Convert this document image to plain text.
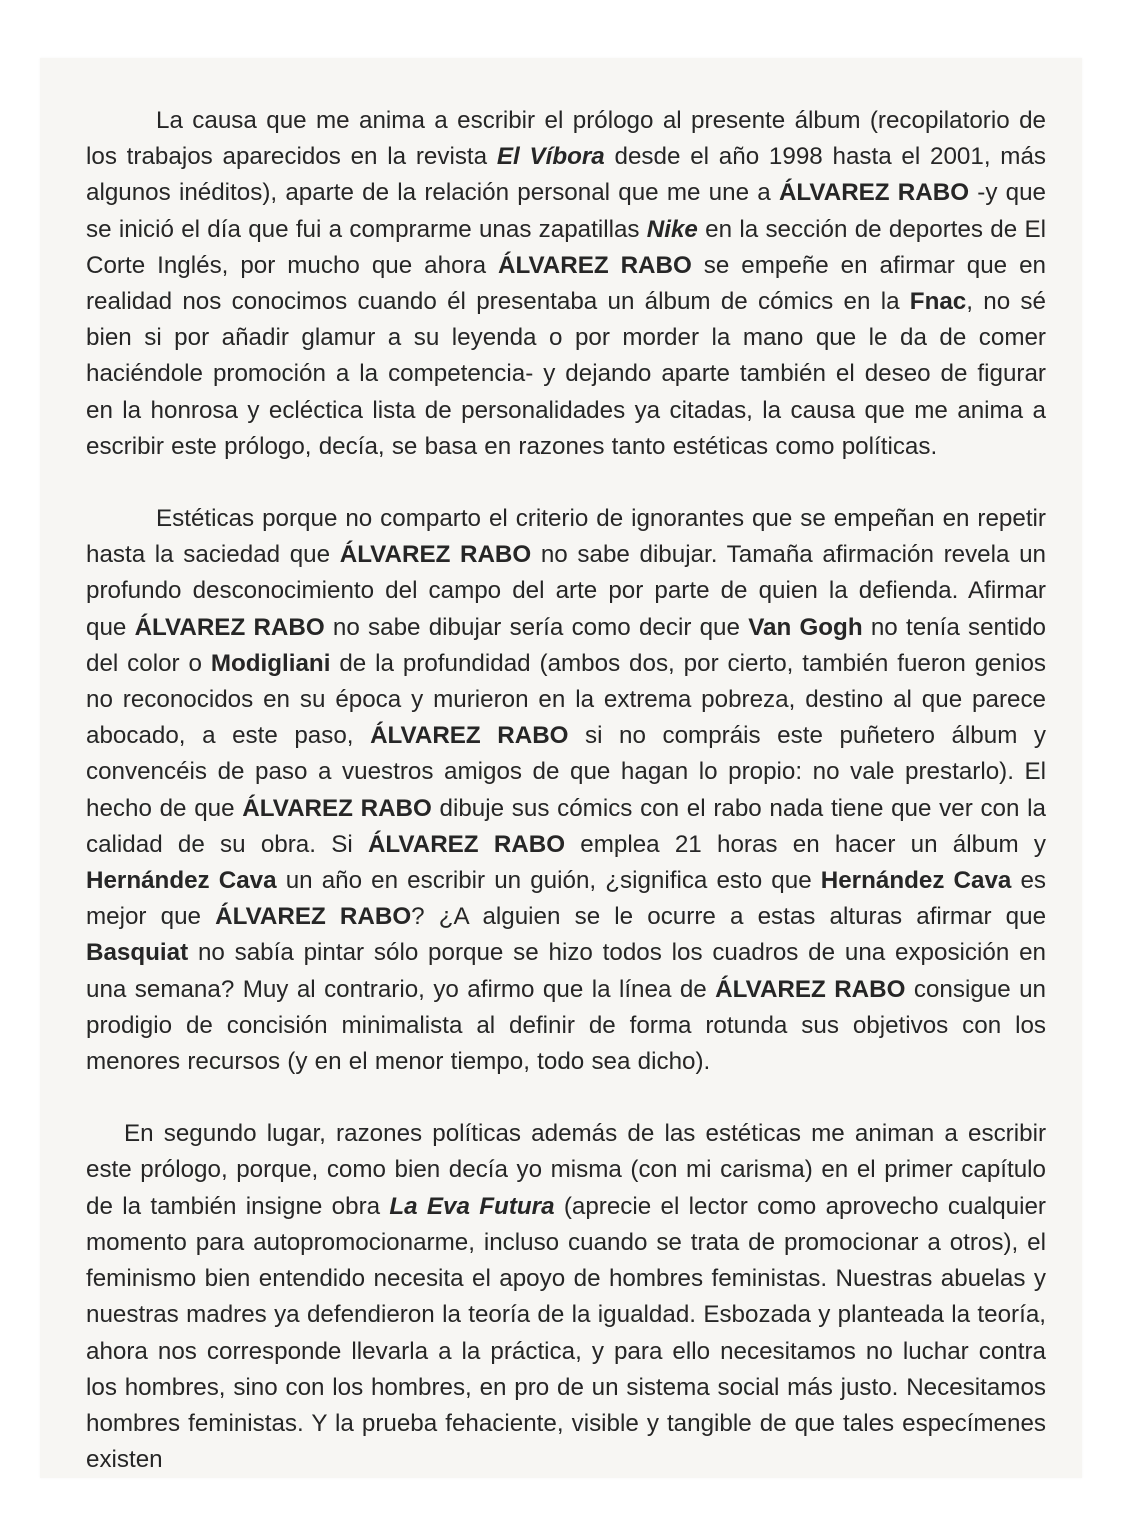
La causa que me anima a escribir el prólogo al presente álbum (recopilatorio de los trabajos aparecidos en la revista El Víbora desde el año 1998 hasta el 2001, más algunos inéditos), aparte de la relación personal que me une a ÁLVAREZ RABO -y que se inició el día que fui a comprarme unas zapatillas Nike en la sección de deportes de El Corte Inglés, por mucho que ahora ÁLVAREZ RABO se empeñe en afirmar que en realidad nos conocimos cuando él presentaba un álbum de cómics en la Fnac, no sé bien si por añadir glamur a su leyenda o por morder la mano que le da de comer haciéndole promoción a la competencia- y dejando aparte también el deseo de figurar en la honrosa y ecléctica lista de personalidades ya citadas, la causa que me anima a escribir este prólogo, decía, se basa en razones tanto estéticas como políticas.

Estéticas porque no comparto el criterio de ignorantes que se empeñan en repetir hasta la saciedad que ÁLVAREZ RABO no sabe dibujar. Tamaña afirmación revela un profundo desconocimiento del campo del arte por parte de quien la defienda. Afirmar que ÁLVAREZ RABO no sabe dibujar sería como decir que Van Gogh no tenía sentido del color o Modigliani de la profundidad (ambos dos, por cierto, también fueron genios no reconocidos en su época y murieron en la extrema pobreza, destino al que parece abocado, a este paso, ÁLVAREZ RABO si no compráis este puñetero álbum y convencéis de paso a vuestros amigos de que hagan lo propio: no vale prestarlo). El hecho de que ÁLVAREZ RABO dibuje sus cómics con el rabo nada tiene que ver con la calidad de su obra. Si ÁLVAREZ RABO emplea 21 horas en hacer un álbum y Hernández Cava un año en escribir un guión, ¿significa esto que Hernández Cava es mejor que ÁLVAREZ RABO? ¿A alguien se le ocurre a estas alturas afirmar que Basquiat no sabía pintar sólo porque se hizo todos los cuadros de una exposición en una semana? Muy al contrario, yo afirmo que la línea de ÁLVAREZ RABO consigue un prodigio de concisión minimalista al definir de forma rotunda sus objetivos con los menores recursos (y en el menor tiempo, todo sea dicho).

En segundo lugar, razones políticas además de las estéticas me animan a escribir este prólogo, porque, como bien decía yo misma (con mi carisma) en el primer capítulo de la también insigne obra La Eva Futura (aprecie el lector como aprovecho cualquier momento para autopromocionarme, incluso cuando se trata de promocionar a otros), el feminismo bien entendido necesita el apoyo de hombres feministas. Nuestras abuelas y nuestras madres ya defendieron la teoría de la igualdad. Esbozada y planteada la teoría, ahora nos corresponde llevarla a la práctica, y para ello necesitamos no luchar contra los hombres, sino con los hombres, en pro de un sistema social más justo. Necesitamos hombres feministas. Y la prueba fehaciente, visible y tangible de que tales especímenes existen
